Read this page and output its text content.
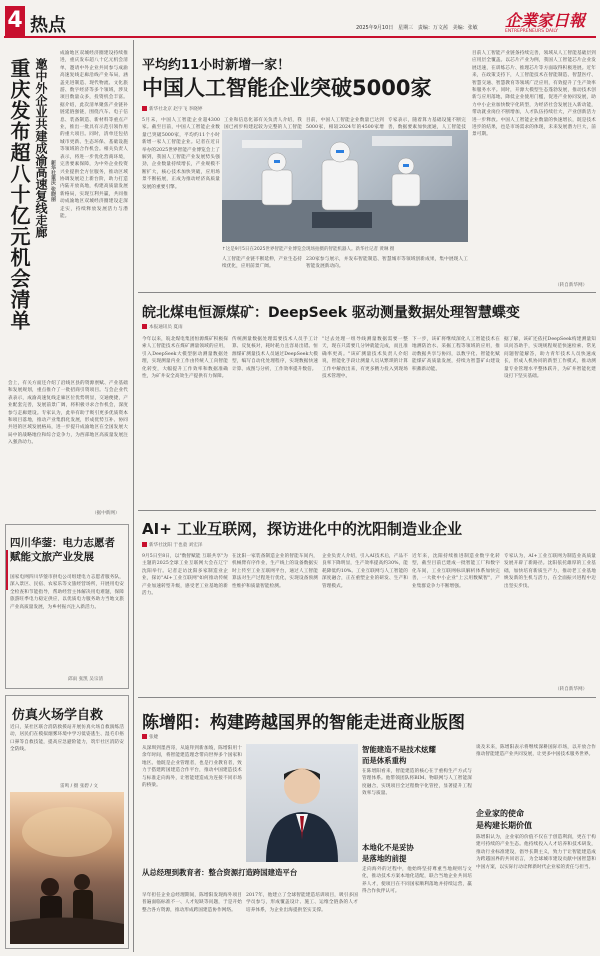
4 热点	2025年9月10日 星期三 责编：万文茜 美编：张敏 企業家日報
ENTREPRENEURS DAILY
重庆发布超八十亿元机会清单 邀中外企业共建成渝高速复线走廊 新华社重庆 张晓丽
成渝地区双城经济圈建设持续推进，重庆发布超八十亿元机会清单，邀请中外企业共同参与成渝高速复线走廊沿线产业布局，涵盖先进制造、现代物流、文化旅游、数字经济等多个领域，涉及项目数量众多，投资机会丰富。据介绍，此次清单聚焦产业链补链延链强链，围绕汽车、电子信息、装备制造、新材料等重点产业，推出一批具有示范引领作用的重大项目。同时，清单还包括城市更新、生态环保、基础设施等领域的合作机会。相关负责人表示，将进一步优化营商环境，完善要素保障，为中外企业投资兴业提供全方位服务，推动区域协调发展迈上新台阶，助力打造内陆开放高地，构建高质量发展新格局，实现互利共赢，共同推动成渝地区双城经济圈建设走深走实，持续释放发展活力与潜能。
会上，有关方面还介绍了沿线区县的资源禀赋、产业基础和发展规划，重点推介了一批招商引资项目。与会企业代表表示，成渝高速复线走廊区位优势明显，交通便捷，产业配套完善，发展前景广阔，将积极寻求合作机会，深度参与走廊建设。专家认为，此举有助于吸引更多优质资本和项目落地，推动产业集群化发展，形成优势互补、协同共进的区域发展格局，进一步提升成渝地区在全国发展大局中的战略地位和综合竞争力，为西部地区高质量发展注入强劲动力。
（据中新网）
四川华蓥：电力志愿者赋能文旅产业发展
国家电网四川华蓥市供电公司组建电力志愿者服务队，深入景区、民宿、农家乐等文旅经营场所，开展用电安全检查和节能指导，帮助经营主体解决用电难题，保障旅游旺季电力稳定供应，以优质电力服务助力当地文旅产业高质量发展，为乡村振兴注入新活力。
邱雨 张凯 吴宗清
仿真火场学自救
近日，某社区联合消防救援站开展仿真火场自救演练活动，居民们在模拟烟雾环境中学习低姿逃生、湿毛巾捂口鼻等自救技能，提高应急避险能力，筑牢社区消防安全防线。
雷鸣 / 摄 张碧 / 文
平均约11小时新增一家！
中国人工智能企业突破5000家
新华社北京 赵宇飞 李晓婷
5月末，中国人工智能企业超4300家。截至目前，中国人工智能企业数量已突破5000家，平均约11个小时新增一家人工智能企业。记者在近日举办的2025世界智能产业博览会上了解到，我国人工智能产业发展势头强劲，企业数量持续增长，产业规模不断扩大，核心技术加快突破，应用场景不断拓展，正成为推动经济高质量发展的重要引擎。
工业和信息化部有关负责人介绍，我国已初步构建起较为完整的人工智能
目前，中国人工智能企业数量已达到5000家，相较2024年的4500家增
专家表示，随着算力基础设施不断完善，数据要素加快流通，人工智能技
目前人工智能产业链条持续完善，领域从人工智能基础层到应用层全覆盖。以芯片产业为例，我国人工智能芯片企业发展迅速，在训练芯片、推理芯片等方面取得积极进展。近年来，在政策支持下，人工智能技术在智能制造、智慧医疗、智慧交通、智慧教育等领域广泛应用，有效提升了生产效率和服务水平。同时，开源大模型生态蓬勃发展，推动技术创新与应用落地，降低企业使用门槛，促进产业协同发展，助力中小企业加快数字化转型，为经济社会发展注入新动能，带动就业岗位不断增加，人才队伍持续壮大，产业创新活力进一步释放。中国人工智能企业数量的快速增长，既是技术进步的结果，也是市场需求的体现，未来发展潜力巨大，前景可期。
（转自新华网）
↑这是9月5日在2025世界智能产业博览会现场拍摄的智能机器人。新华社记者 黄琳 摄
230家参与展示，并发布智能制造、智慧城市等领域创新成果，集中展现人工智能发展新动向。
人工智能产业链不断延伸，产业生态持续优化，应用前景广阔。
皖北煤电恒源煤矿：DeepSeek 驱动测量数据处理智慧蝶变
本报通讯员 夏雨
今年以来，皖北煤电集团恒源煤矿积极探索人工智能技术在煤矿测量领域的应用，引入DeepSeek大模型驱动测量数据处理，实现测量内业工作由传统人工向智能化转变，大幅提升工作效率和数据准确性，为矿井安全高效生产提供有力保障。
传统测量数据处理需要技术人员手工计算、反复核对，耗时耗力且容易出错。恒源煤矿测量技术人员通过DeepSeek大模型，编写自动化处理程序，实现数据快速计算、成图与分析，工作效率提升数倍。
"过去处理一组导线测量数据需要一整天，现在只需要几分钟就能完成，而且准确率更高。"该矿测量技术负责人介绍说，智能化手段让测量人员从繁琐的计算工作中解放出来，有更多精力投入到现场技术管理中。
下一步，该矿将继续深化人工智能技术在地测防治水、采掘工程等领域的应用，推动数据共享与协同，以数字化、智能化赋能煤矿高质量发展，持续为智慧矿山建设积蓄新动能。
据了解，该矿还依托DeepSeek构建测量知识问答助手，实现规程规范快速检索、常见问题智能解答，助力青年技术人员快速成长，形成人机协同的新型工作模式，推动测量专业管理水平整体跃升，为矿井智能化建设打下坚实基础。
AI+ 工业互联网，探访进化中的沈阳制造业企业
新华社沈阳 于也童 刘宏泽
9月5日至8日，以"数智赋能 互联共享"为主题的2025全球工业互联网大会在辽宁沈阳举行。记者走访沈阳多家制造业企业，探访"AI+工业互联网"如何推动传统产业加速转型升级，感受老工业基地的新活力。
在沈阳一家装备制造企业的智能车间内，机械臂有序作业，生产线上的设备数据实时上传至工业互联网平台，通过人工智能算法对生产过程进行优化，实现设备预测性维护和质量智能检测。
企业负责人介绍，引入AI技术后，产品不良率下降明显，生产效率提高约30%，能耗降低约10%。工业互联网与人工智能的深度融合，正在重塑企业的研发、生产和管理模式。
近年来，沈阳持续推进制造业数字化转型，截至目前已建成一批智能工厂和数字化车间，工业互联网标识解析体系加快完善，一大批中小企业"上云用数赋智"，产业集群竞争力不断增强。
专家认为，AI+工业互联网为制造业高质量发展开辟了新路径。沈阳依托雄厚的工业基础，加快培育新质生产力，推动老工业基地焕发新的生机与活力，在全面振兴进程中迈出坚实步伐。
（转自新华网）
陈增阳：构建跨越国界的智能走进商业版图
张婕
从深圳到墨西哥，从迪拜到新加坡，陈增阳用十余年时间，将智能建造理念带向世界多个国家和地区。他既是企业管理者，也是行业教育者，致力于搭建跨国建造合作平台，推动中国建造技术与标准走向海外，让智能建造成为连接不同市场的桥梁。
从总经理到教育者：整合资源打造跨国建造平台
早年担任企业总经理期间，陈增阳发现海外项目普遍面临标准不一、人才短缺等问题，于是开始整合各方资源，推动形成跨国建造协作网络。
2017年，他建立了全球智能建造培训项目，吸引多国学员参与，形成覆盖设计、施工、运维全链条的人才培养体系，为企业出海提供坚实支撑。
智能建造不是技术炫耀
而是体系重构
在陈增阳看来，智能建造的核心在于重构生产方式与管理体系。他带领团队将BIM、物联网与人工智能深度融合，实现项目全过程数字化管控，显著提升工程效率与质量。
本地化不是妥协
是落地的前提
走向海外的过程中，他始终坚持尊重当地规则与文化，推动技术方案本地化适配，联合当地企业共同培养人才，使项目在不同国家顺利落地并持续运营，赢得合作伙伴认可。
谈及未来，陈增阳表示将继续深耕国际市场，以开放合作推动智能建造产业共同发展，让更多中国技术服务世界。
企业家的使命
是构建长期价值
陈增阳认为，企业家的价值不仅在于创造利润，更在于构建可持续的产业生态。他持续投入人才培养和技术研发，推动行业标准建设，倡导长期主义，致力于让智能建造成为跨越国界的共同语言，为全球城市建设贡献中国智慧和中国方案，以实际行动诠释新时代企业家的责任与担当。
